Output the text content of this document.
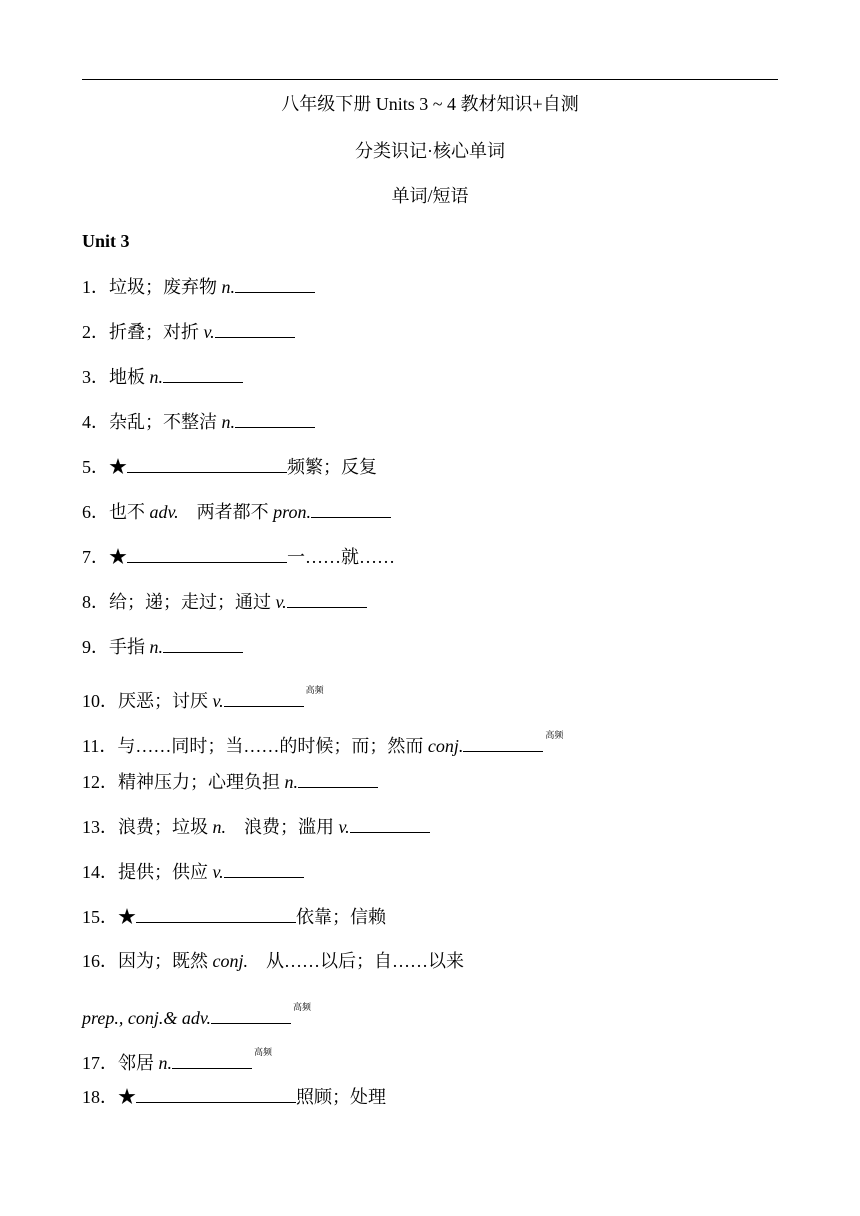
八年级下册 Units 3 ~ 4 教材知识+自测
分类识记·核心单词
单词/短语
Unit 3
1．垃圾；废弃物 n.
2．折叠；对折 v.
3．地板 n.
4．杂乱；不整洁 n.
5．★	频繁；反复
6．也不 adv.　两者都不 pron.
7．★	一……就……
8．给；递；走过；通过 v.
9．手指 n.
10．厌恶；讨厌 v.	$^{高频}$
11．与……同时；当……的时候；而；然而 conj.	$^{高频}$
12．精神压力；心理负担 n.
13．浪费；垃圾 n.　浪费；滥用 v.
14．提供；供应 v.
15．★	依靠；信赖
16．因为；既然 conj.　从……以后；自……以来
prep., conj.& adv.	$^{高频}$
17．邻居 n.	$^{高频}$
18．★	照顾；处理
